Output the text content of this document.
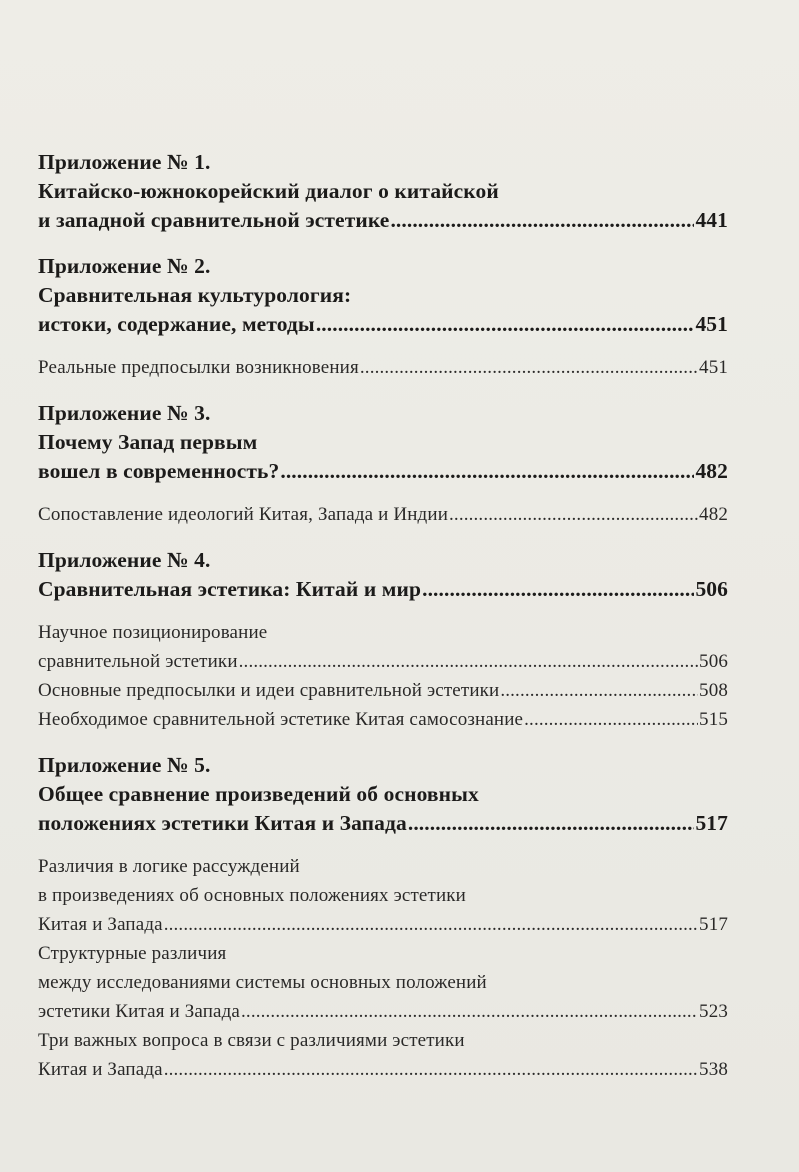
Приложение № 1.
Китайско-южнокорейский диалог о китайской
и западной сравнительной эстетике .....	441
Приложение № 2.
Сравнительная культурология:
истоки, содержание, методы .....	451
Реальные предпосылки возникновения .....	451
Приложение № 3.
Почему Запад первым
вошел в современность? .....	482
Сопоставление идеологий Китая, Запада и Индии .....	482
Приложение № 4.
Сравнительная эстетика: Китай и мир .....	506
Научное позиционирование
сравнительной эстетики .....	506
Основные предпосылки и идеи сравнительной эстетики .....	508
Необходимое сравнительной эстетике Китая самосознание .....	515
Приложение № 5.
Общее сравнение произведений об основных
положениях эстетики Китая и Запада .....	517
Различия в логике рассуждений
в произведениях об основных положениях эстетики
Китая и Запада .....	517
Структурные различия
между исследованиями системы основных положений
эстетики Китая и Запада .....	523
Три важных вопроса в связи с различиями эстетики
Китая и Запада .....	538
